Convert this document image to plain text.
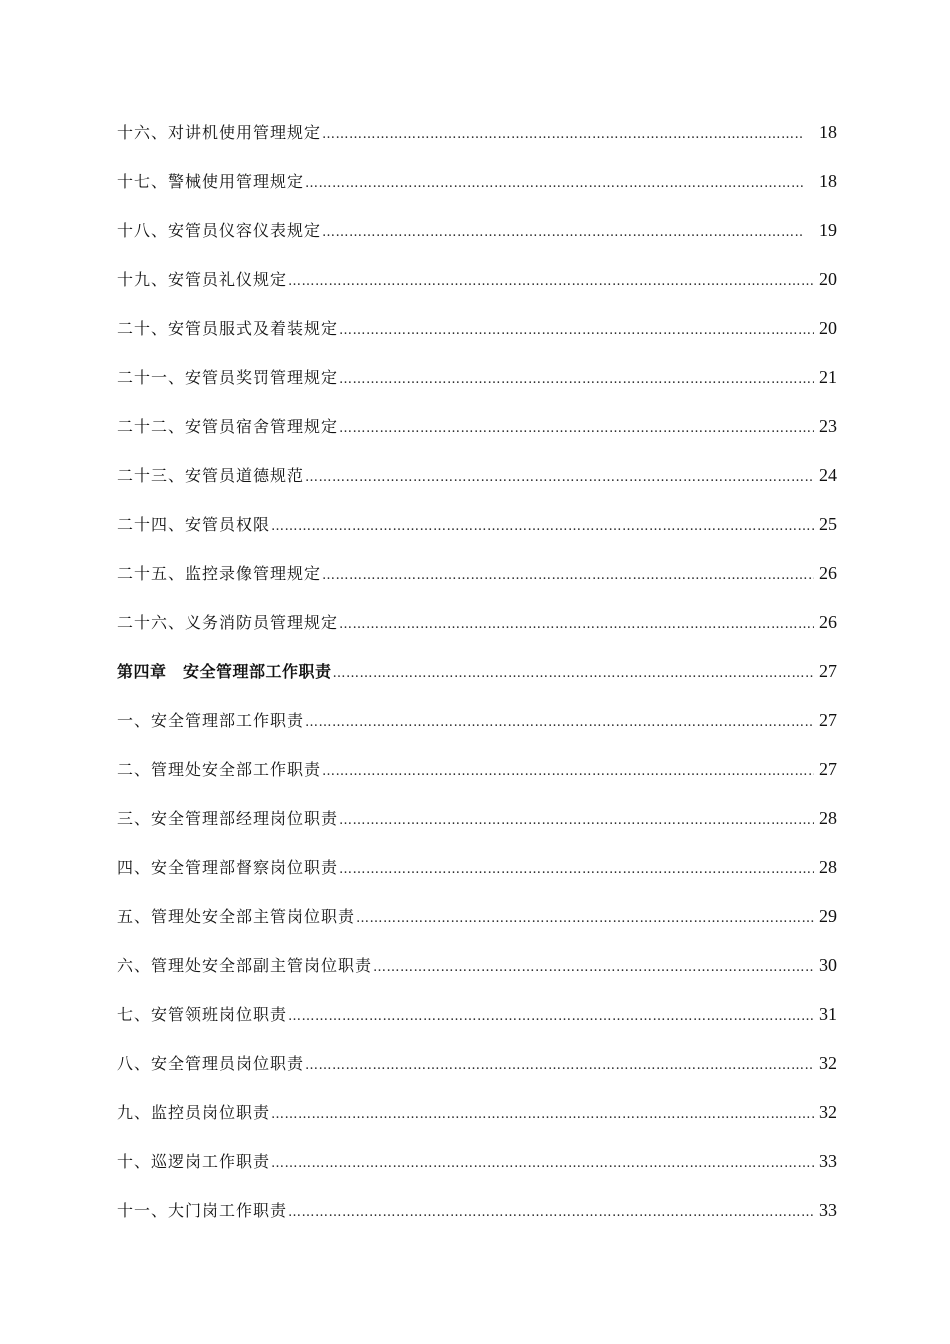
十六、对讲机使用管理规定 ………………………………………………………………………………………………………………………………………………………………………………………………	18
十七、警械使用管理规定 ………………………………………………………………………………………………………………………………………………………………………………………………	18
十八、安管员仪容仪表规定 ………………………………………………………………………………………………………………………………………………………………………………………………	19
十九、安管员礼仪规定 ………………………………………………………………………………………………………………………………………………………………………………………………	20
二十、安管员服式及着装规定 ………………………………………………………………………………………………………………………………………………………………………………………………	20
二十一、安管员奖罚管理规定 ………………………………………………………………………………………………………………………………………………………………………………………………	21
二十二、安管员宿舍管理规定 ………………………………………………………………………………………………………………………………………………………………………………………………	23
二十三、安管员道德规范 ………………………………………………………………………………………………………………………………………………………………………………………………	24
二十四、安管员权限 ………………………………………………………………………………………………………………………………………………………………………………………………	25
二十五、监控录像管理规定 ………………………………………………………………………………………………………………………………………………………………………………………………	26
二十六、义务消防员管理规定 ………………………………………………………………………………………………………………………………………………………………………………………………	26
第四章　安全管理部工作职责 ………………………………………………………………………………………………………………………………………………………………………………………………	27
一、安全管理部工作职责 ………………………………………………………………………………………………………………………………………………………………………………………………	27
二、管理处安全部工作职责 ………………………………………………………………………………………………………………………………………………………………………………………………	27
三、安全管理部经理岗位职责 ………………………………………………………………………………………………………………………………………………………………………………………………	28
四、安全管理部督察岗位职责 ………………………………………………………………………………………………………………………………………………………………………………………………	28
五、管理处安全部主管岗位职责 ………………………………………………………………………………………………………………………………………………………………………………………………	29
六、管理处安全部副主管岗位职责 ………………………………………………………………………………………………………………………………………………………………………………………………	30
七、安管领班岗位职责 ………………………………………………………………………………………………………………………………………………………………………………………………	31
八、安全管理员岗位职责 ………………………………………………………………………………………………………………………………………………………………………………………………	32
九、监控员岗位职责 ………………………………………………………………………………………………………………………………………………………………………………………………	32
十、巡逻岗工作职责 ………………………………………………………………………………………………………………………………………………………………………………………………	33
十一、大门岗工作职责 ………………………………………………………………………………………………………………………………………………………………………………………………	33
